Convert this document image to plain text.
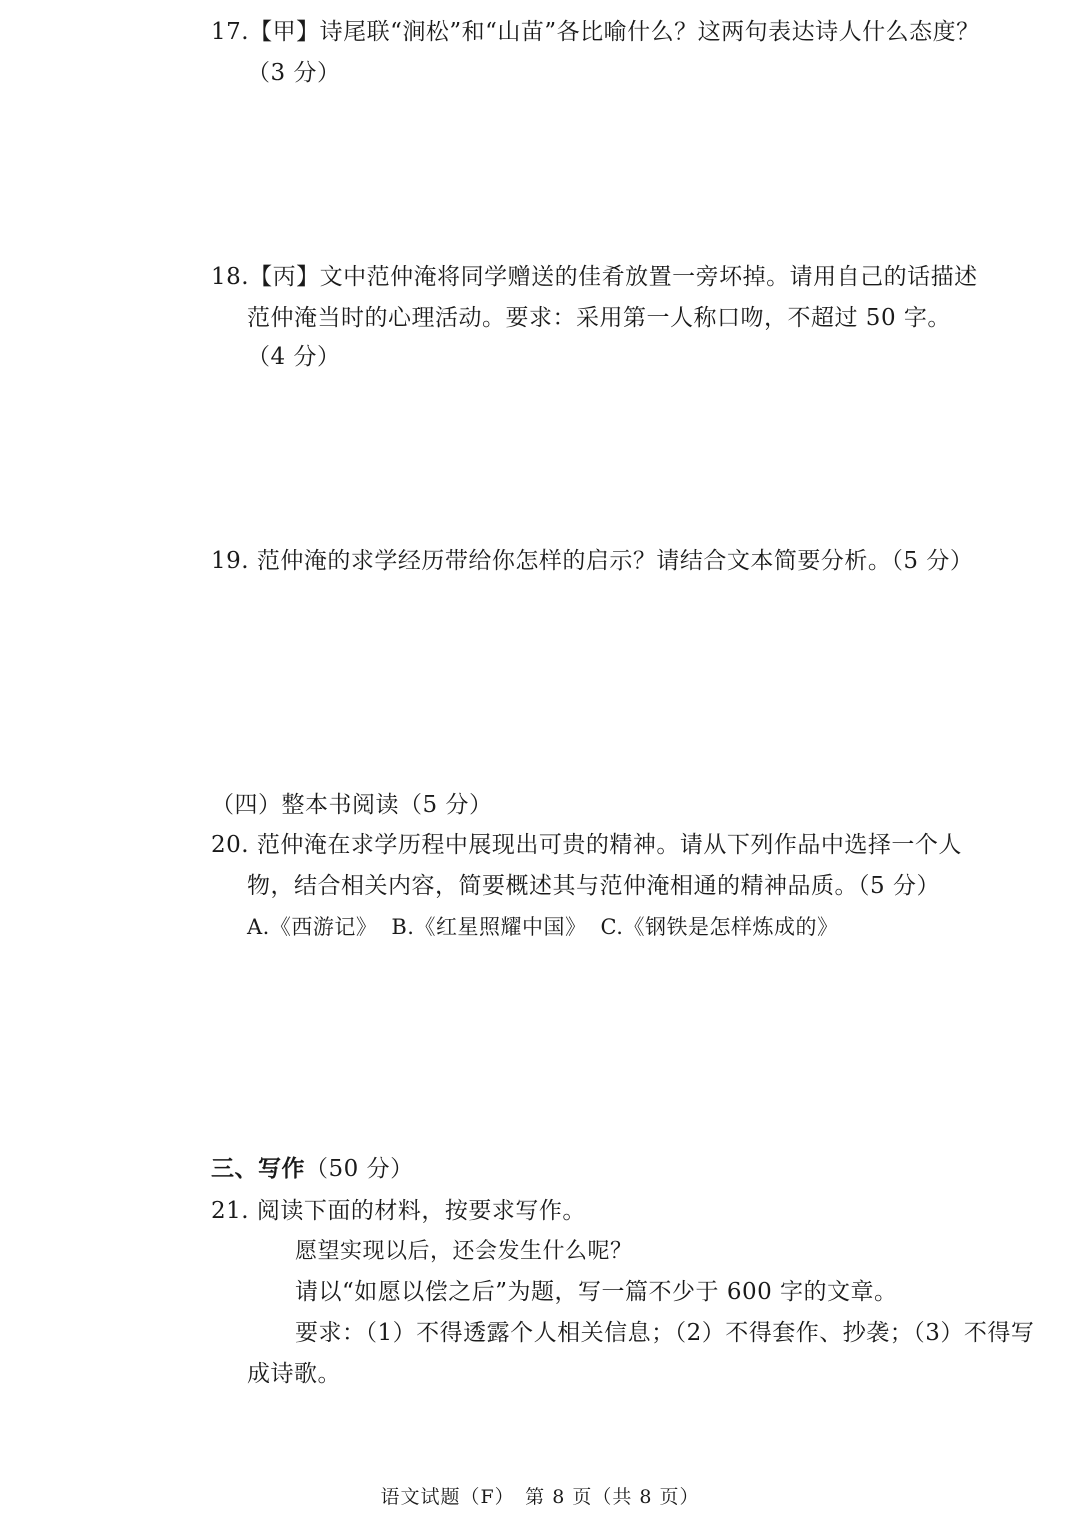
17.【甲】诗尾联“涧松”和“山苗”各比喻什么？这两句表达诗人什么态度？
（3 分）
18.【丙】文中范仲淹将同学赠送的佳肴放置一旁坏掉。请用自己的话描述
范仲淹当时的心理活动。要求：采用第一人称口吻，不超过 50 字。
（4 分）
19. 范仲淹的求学经历带给你怎样的启示？请结合文本简要分析。（5 分）
（四）整本书阅读（5 分）
20. 范仲淹在求学历程中展现出可贵的精神。请从下列作品中选择一个人
物，结合相关内容，简要概述其与范仲淹相通的精神品质。（5 分）
A.《西游记》 B.《红星照耀中国》 C.《钢铁是怎样炼成的》
三、写作（50 分）
21. 阅读下面的材料，按要求写作。
愿望实现以后，还会发生什么呢？
请以“如愿以偿之后”为题，写一篇不少于 600 字的文章。
要求：（1）不得透露个人相关信息；（2）不得套作、抄袭；（3）不得写
成诗歌。
语文试题（F）　第 8 页（共 8 页）
